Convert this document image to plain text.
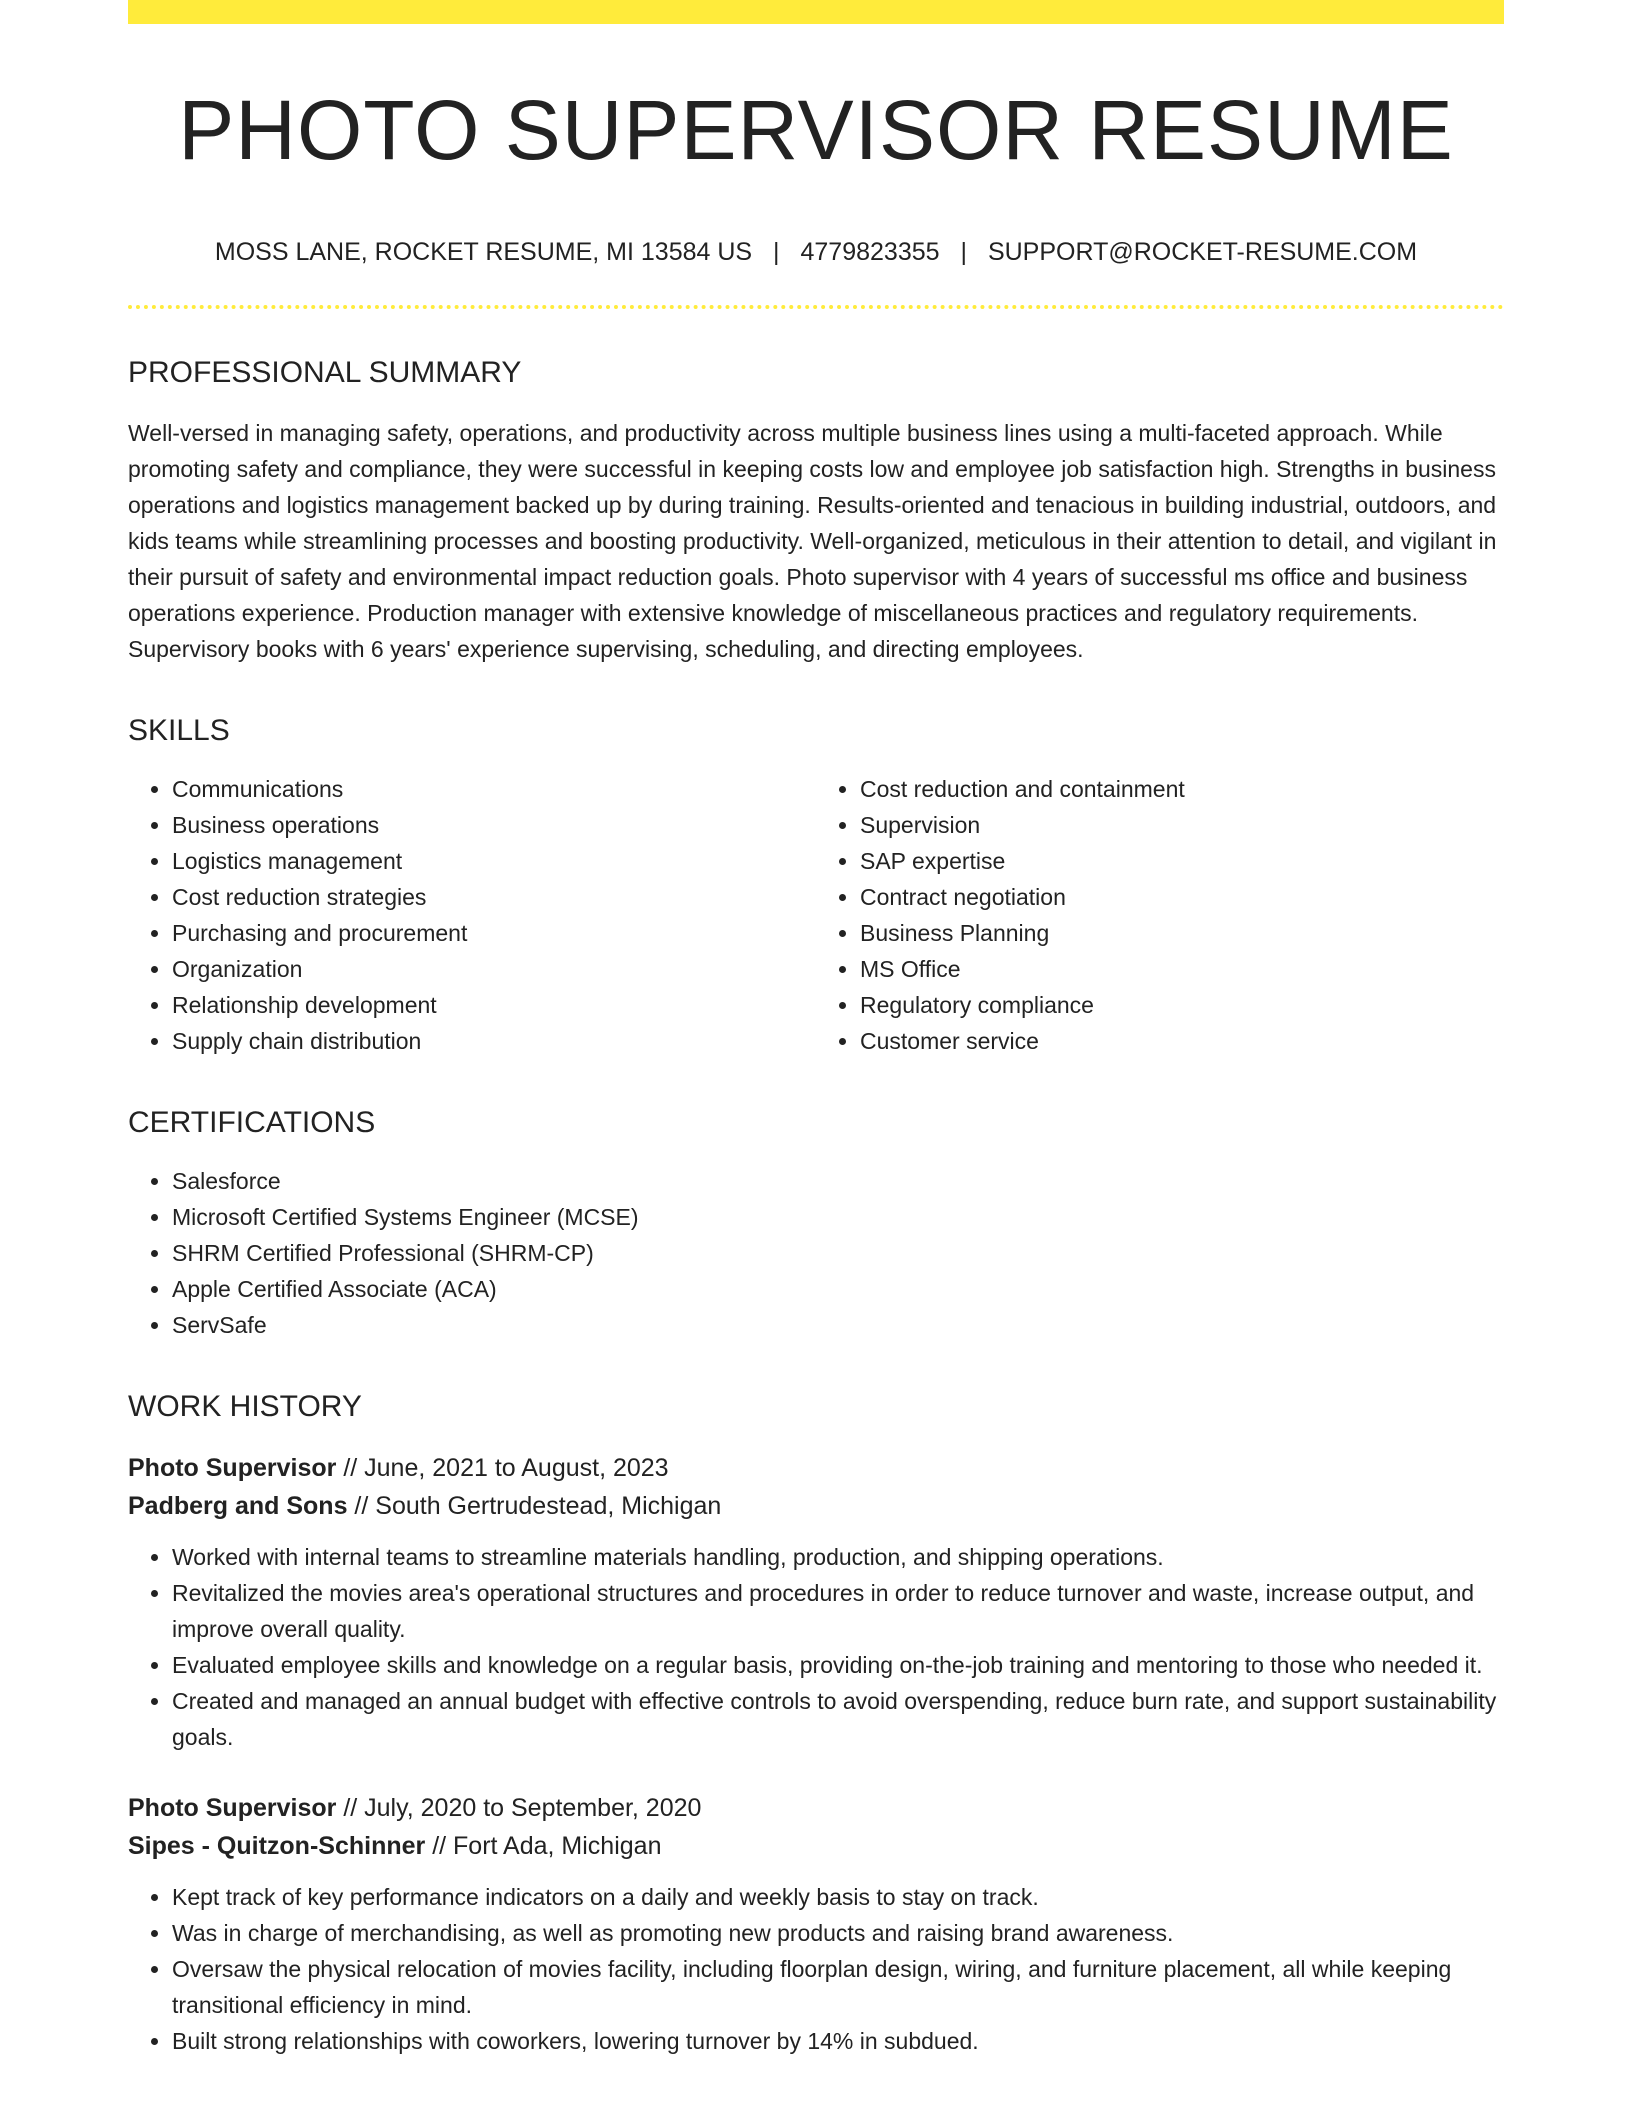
PHOTO SUPERVISOR RESUME
MOSS LANE, ROCKET RESUME, MI 13584 US | 4779823355 | SUPPORT@ROCKET-RESUME.COM
PROFESSIONAL SUMMARY

Well-versed in managing safety, operations, and productivity across multiple business lines using a multi-faceted approach. While promoting safety and compliance, they were successful in keeping costs low and employee job satisfaction high. Strengths in business operations and logistics management backed up by during training. Results-oriented and tenacious in building industrial, outdoors, and kids teams while streamlining processes and boosting productivity. Well-organized, meticulous in their attention to detail, and vigilant in their pursuit of safety and environmental impact reduction goals. Photo supervisor with 4 years of successful ms office and business operations experience. Production manager with extensive knowledge of miscellaneous practices and regulatory requirements. Supervisory books with 6 years' experience supervising, scheduling, and directing employees.

SKILLS
• Communications
• Business operations
• Logistics management
• Cost reduction strategies
• Purchasing and procurement
• Organization
• Relationship development
• Supply chain distribution
• Cost reduction and containment
• Supervision
• SAP expertise
• Contract negotiation
• Business Planning
• MS Office
• Regulatory compliance
• Customer service
CERTIFICATIONS
• Salesforce
• Microsoft Certified Systems Engineer (MCSE)
• SHRM Certified Professional (SHRM-CP)
• Apple Certified Associate (ACA)
• ServSafe
WORK HISTORY
Photo Supervisor // June, 2021 to August, 2023
Padberg and Sons // South Gertrudestead, Michigan
• Worked with internal teams to streamline materials handling, production, and shipping operations.
• Revitalized the movies area's operational structures and procedures in order to reduce turnover and waste, increase output, and improve overall quality.
• Evaluated employee skills and knowledge on a regular basis, providing on-the-job training and mentoring to those who needed it.
• Created and managed an annual budget with effective controls to avoid overspending, reduce burn rate, and support sustainability goals.
Photo Supervisor // July, 2020 to September, 2020
Sipes - Quitzon-Schinner // Fort Ada, Michigan
• Kept track of key performance indicators on a daily and weekly basis to stay on track.
• Was in charge of merchandising, as well as promoting new products and raising brand awareness.
• Oversaw the physical relocation of movies facility, including floorplan design, wiring, and furniture placement, all while keeping transitional efficiency in mind.
• Built strong relationships with coworkers, lowering turnover by 14% in subdued.
